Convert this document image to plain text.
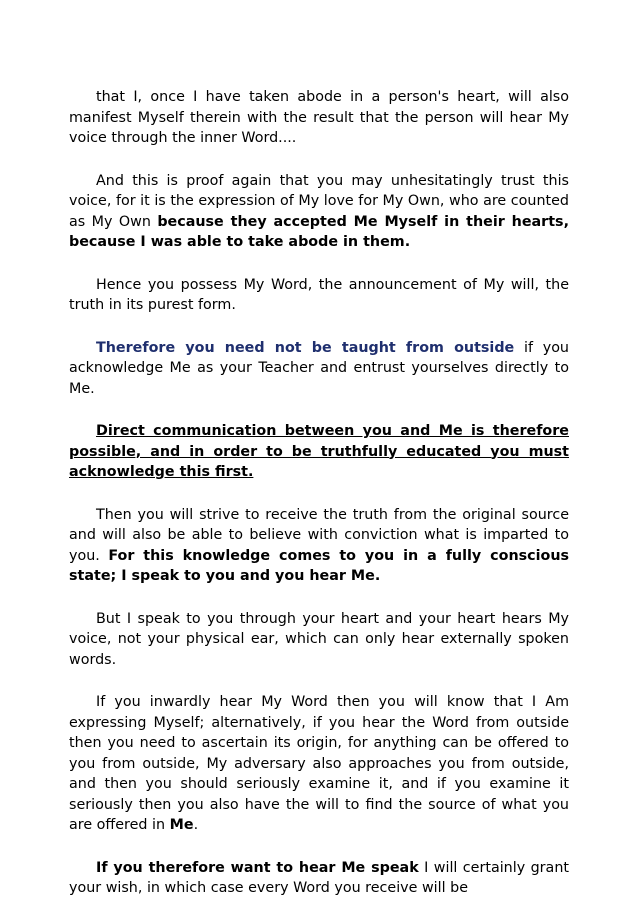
that I, once I have taken abode in a person's heart, will also manifest Myself therein with the result that the person will hear My voice through the inner Word....

And this is proof again that you may unhesitatingly trust this voice, for it is the expression of My love for My Own, who are counted as My Own because they accepted Me Myself in their hearts, because I was able to take abode in them.

Hence you possess My Word, the announcement of My will, the truth in its purest form.

Therefore you need not be taught from outside if you acknowledge Me as your Teacher and entrust yourselves directly to Me.

Direct communication between you and Me is therefore possible, and in order to be truthfully educated you must acknowledge this first.

Then you will strive to receive the truth from the original source and will also be able to believe with conviction what is imparted to you. For this knowledge comes to you in a fully conscious state; I speak to you and you hear Me.

But I speak to you through your heart and your heart hears My voice, not your physical ear, which can only hear externally spoken words.

If you inwardly hear My Word then you will know that I Am expressing Myself; alternatively, if you hear the Word from outside then you need to ascertain its origin, for anything can be offered to you from outside, My adversary also approaches you from outside, and then you should seriously examine it, and if you examine it seriously then you also have the will to find the source of what you are offered in Me.

If you therefore want to hear Me speak I will certainly grant your wish, in which case every Word you receive will be
